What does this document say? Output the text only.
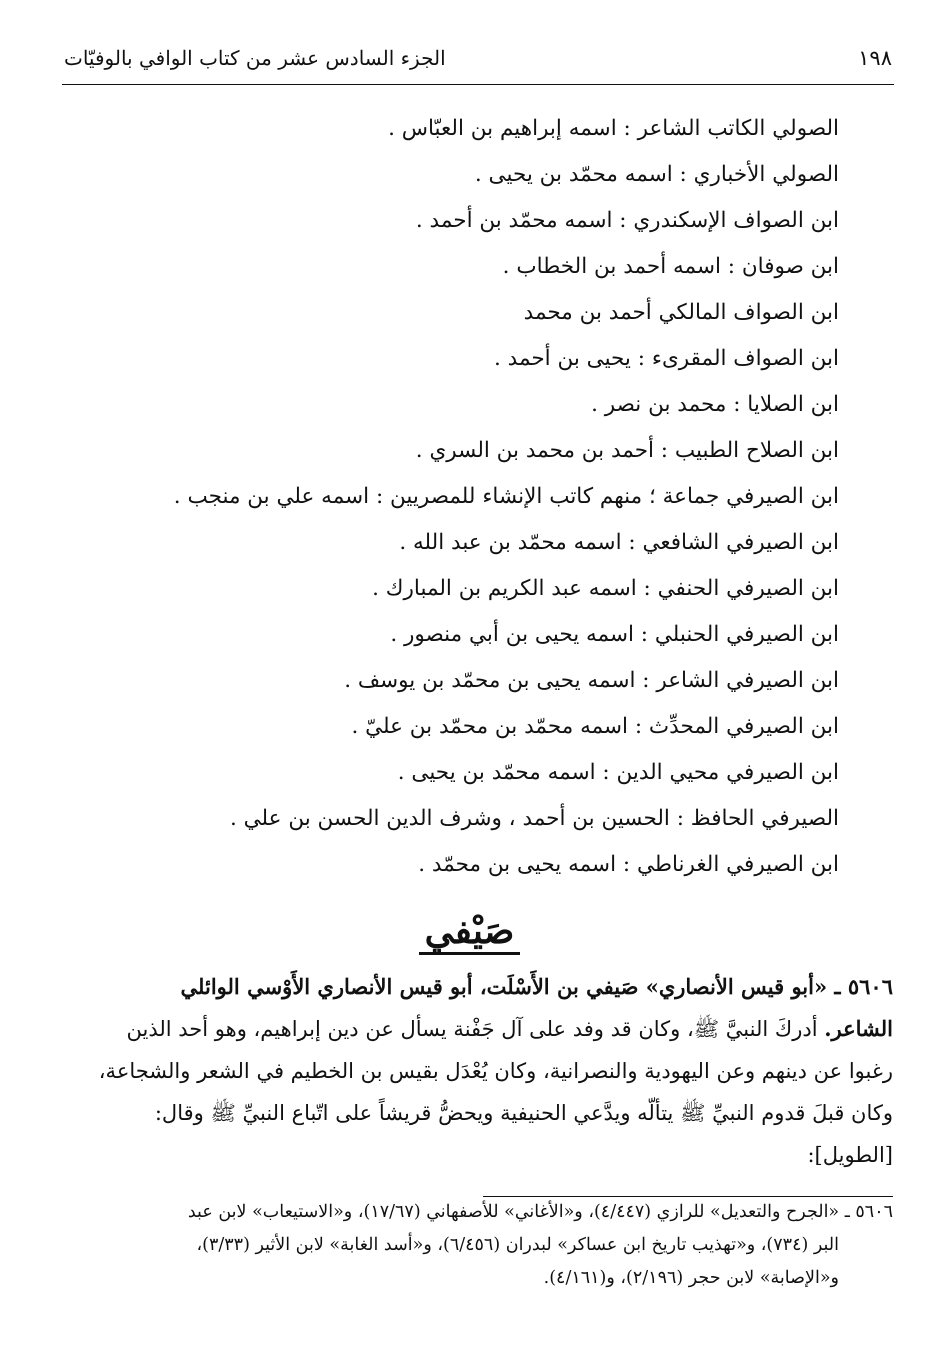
١٩٨
الجزء السادس عشر من كتاب الوافي بالوفيّات
الصولي الكاتب الشاعر : اسمه إبراهيم بن العبّاس .
الصولي الأخباري : اسمه محمّد بن يحيى .
ابن الصواف الإسكندري : اسمه محمّد بن أحمد .
ابن صوفان : اسمه أحمد بن الخطاب .
ابن الصواف المالكي أحمد بن محمد
ابن الصواف المقرىء : يحيى بن أحمد .
ابن الصلايا : محمد بن نصر .
ابن الصلاح الطبيب : أحمد بن محمد بن السري .
ابن الصيرفي جماعة ؛ منهم كاتب الإنشاء للمصريين : اسمه علي بن منجب .
ابن الصيرفي الشافعي : اسمه محمّد بن عبد الله .
ابن الصيرفي الحنفي : اسمه عبد الكريم بن المبارك .
ابن الصيرفي الحنبلي : اسمه يحيى بن أبي منصور .
ابن الصيرفي الشاعر : اسمه يحيى بن محمّد بن يوسف .
ابن الصيرفي المحدِّث : اسمه محمّد بن محمّد بن عليّ .
ابن الصيرفي محيي الدين : اسمه محمّد بن يحيى .
الصيرفي الحافظ : الحسين بن أحمد ، وشرف الدين الحسن بن علي .
ابن الصيرفي الغرناطي : اسمه يحيى بن محمّد .
صَيْفي
٥٦٠٦ ـ «أبو قيس الأنصاري» صَيفي بن الأَسْلَت، أبو قيس الأنصاري الأَوْسي الوائلي
الشاعر. أدركَ النبيَّ ﷺ، وكان قد وفد على آل جَفْنة يسأل عن دين إبراهيم، وهو أحد الذين
رغبوا عن دينهم وعن اليهودية والنصرانية، وكان يُعْدَل بقيس بن الخطيم في الشعر والشجاعة،
وكان قبلَ قدوم النبيِّ ﷺ يتألّه ويدَّعي الحنيفية ويحضُّ قريشاً على اتّباع النبيِّ ﷺ وقال:
[الطويل]:
٥٦٠٦ ـ «الجرح والتعديل» للرازي (٤/٤٤٧)، و«الأغاني» للأصفهاني (١٧/٦٧)، و«الاستيعاب» لابن عبد
البر (٧٣٤)، و«تهذيب تاريخ ابن عساكر» لبدران (٦/٤٥٦)، و«أسد الغابة» لابن الأثير (٣/٣٣)،
و«الإصابة» لابن حجر (٢/١٩٦)، و(٤/١٦١).
